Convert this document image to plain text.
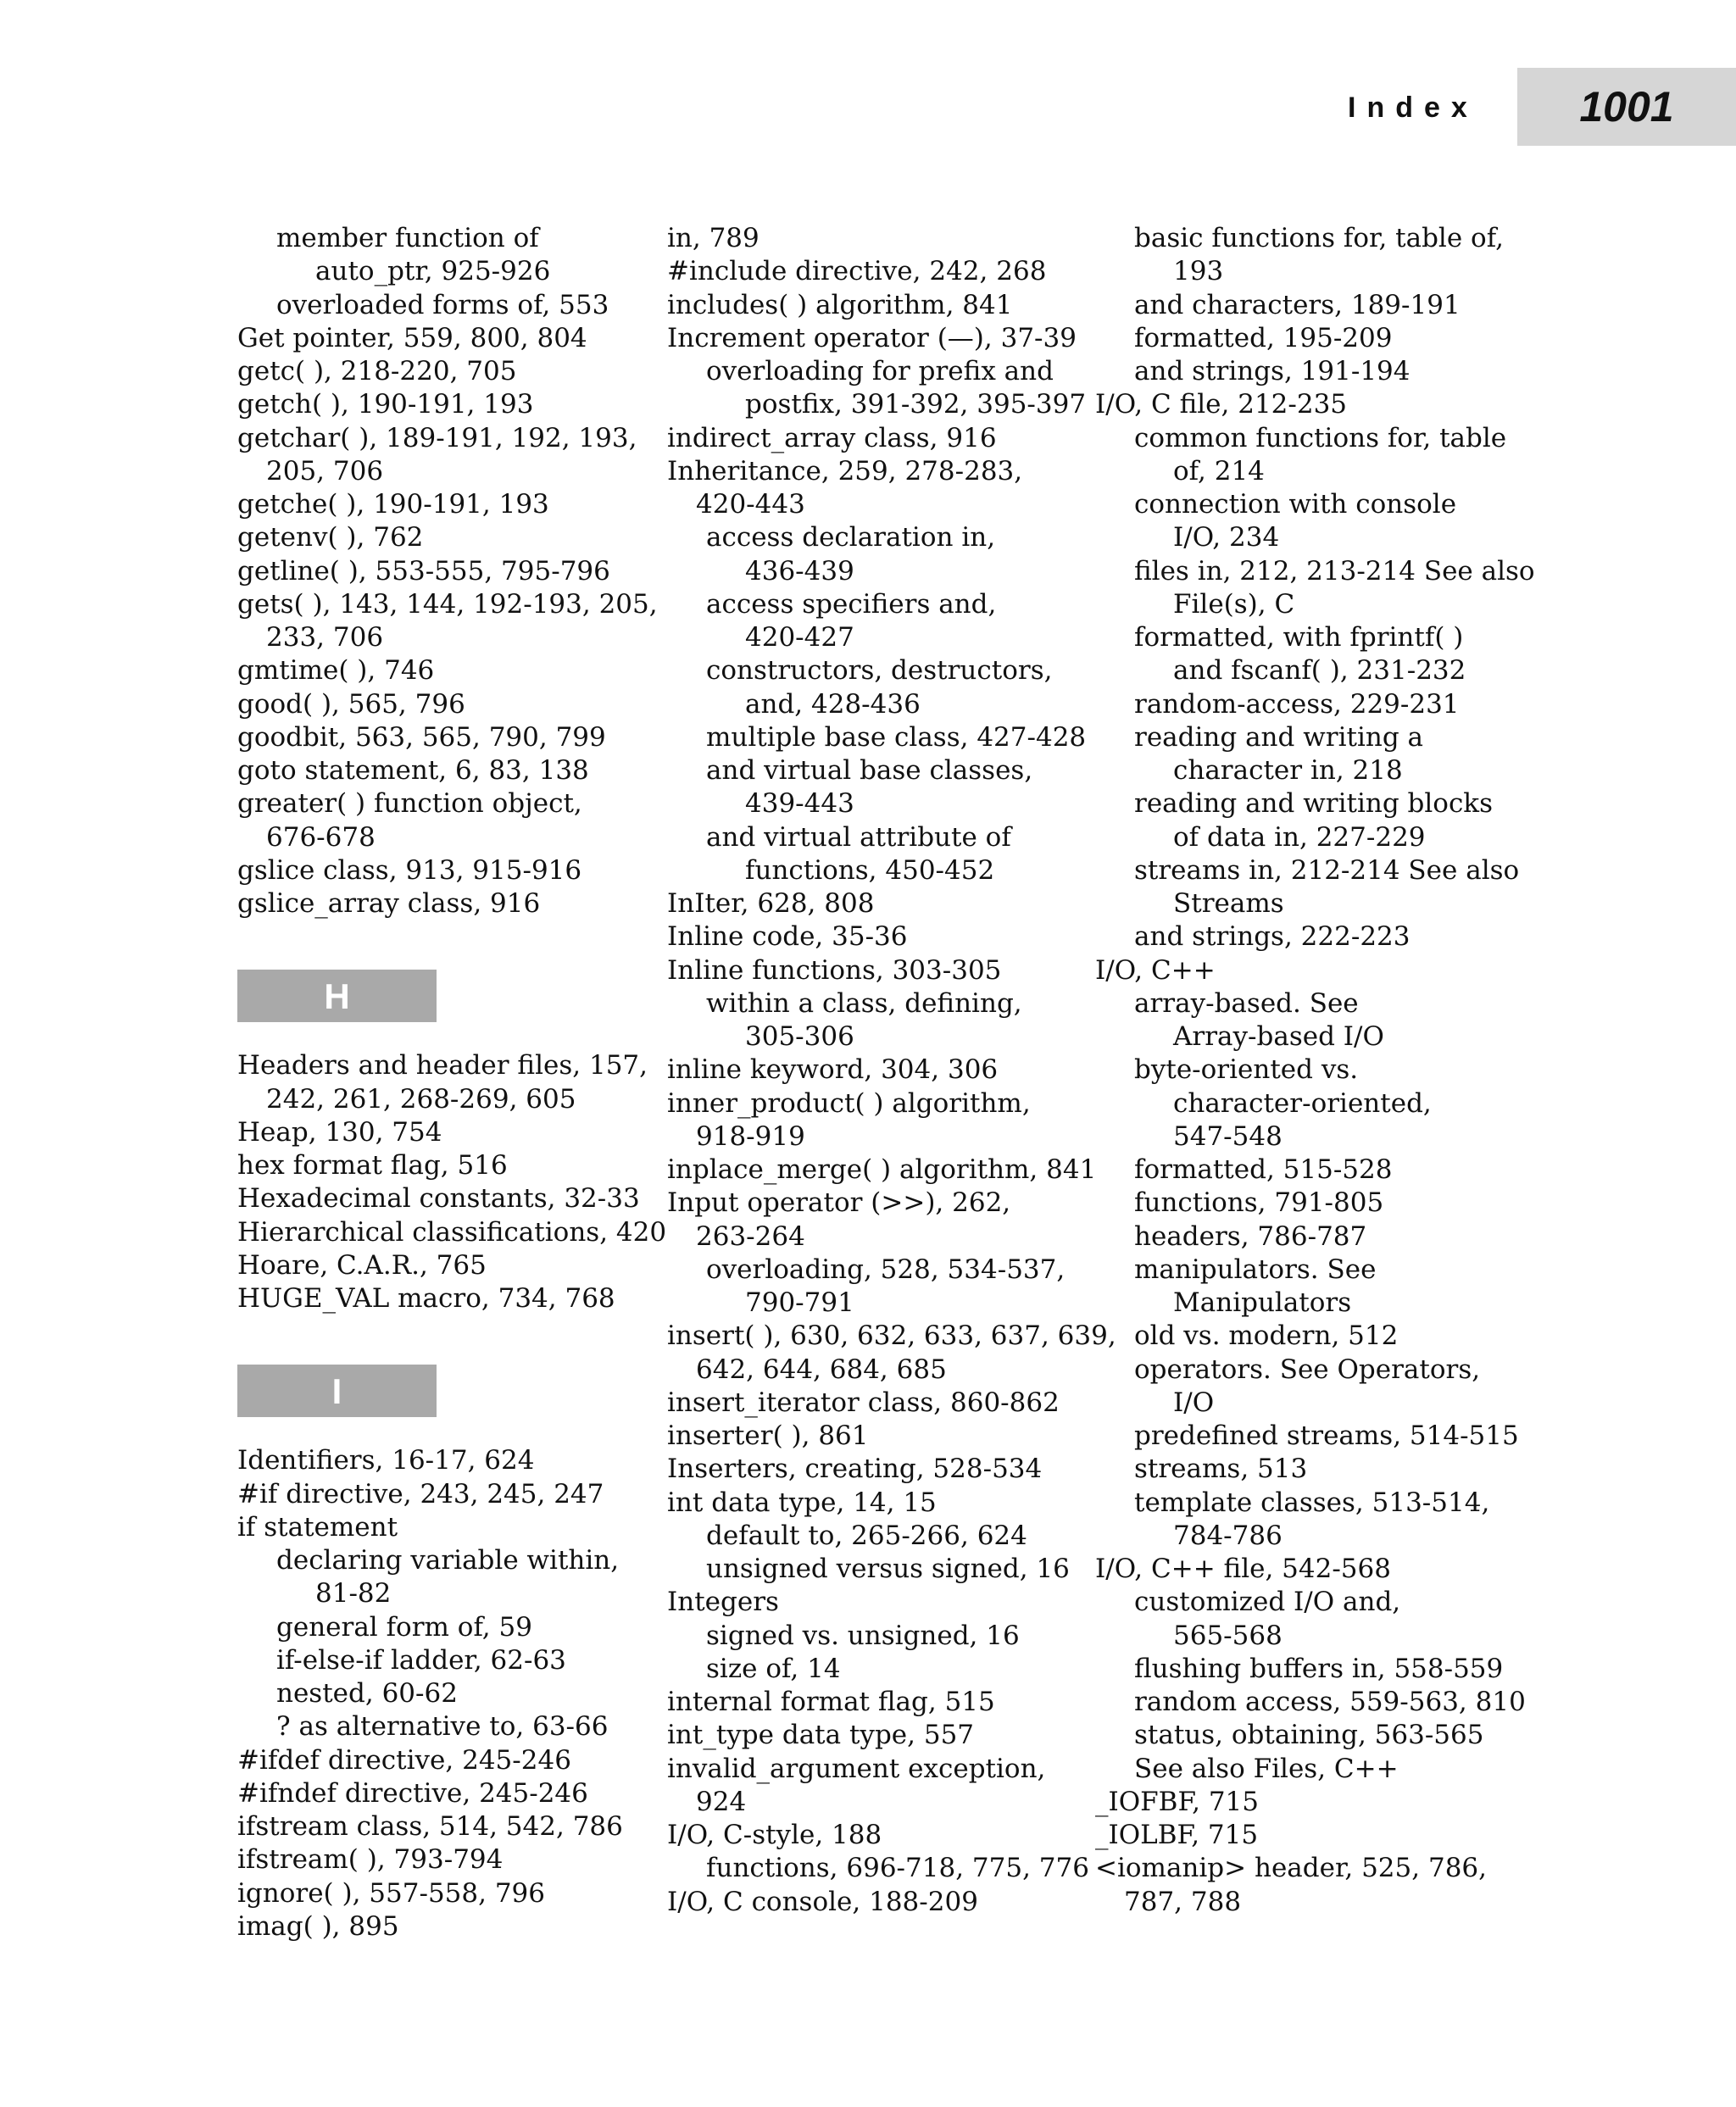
Index 1001
member function of
auto_ptr, 925-926
overloaded forms of, 553
Get pointer, 559, 800, 804
getc( ), 218-220, 705
getch( ), 190-191, 193
getchar( ), 189-191, 192, 193,
205, 706
getche( ), 190-191, 193
getenv( ), 762
getline( ), 553-555, 795-796
gets( ), 143, 144, 192-193, 205,
233, 706
gmtime( ), 746
good( ), 565, 796
goodbit, 563, 565, 790, 799
goto statement, 6, 83, 138
greater( ) function object,
676-678
gslice class, 913, 915-916
gslice_array class, 916
H
Headers and header files, 157,
242, 261, 268-269, 605
Heap, 130, 754
hex format flag, 516
Hexadecimal constants, 32-33
Hierarchical classifications, 420
Hoare, C.A.R., 765
HUGE_VAL macro, 734, 768
I
Identifiers, 16-17, 624
#if directive, 243, 245, 247
if statement
declaring variable within,
81-82
general form of, 59
if-else-if ladder, 62-63
nested, 60-62
? as alternative to, 63-66
#ifdef directive, 245-246
#ifndef directive, 245-246
ifstream class, 514, 542, 786
ifstream( ), 793-794
ignore( ), 557-558, 796
imag( ), 895
in, 789
#include directive, 242, 268
includes( ) algorithm, 841
Increment operator (—), 37-39
overloading for prefix and
postfix, 391-392, 395-397
indirect_array class, 916
Inheritance, 259, 278-283,
420-443
access declaration in,
436-439
access specifiers and,
420-427
constructors, destructors,
and, 428-436
multiple base class, 427-428
and virtual base classes,
439-443
and virtual attribute of
functions, 450-452
InIter, 628, 808
Inline code, 35-36
Inline functions, 303-305
within a class, defining,
305-306
inline keyword, 304, 306
inner_product( ) algorithm,
918-919
inplace_merge( ) algorithm, 841
Input operator (>>), 262,
263-264
overloading, 528, 534-537,
790-791
insert( ), 630, 632, 633, 637, 639,
642, 644, 684, 685
insert_iterator class, 860-862
inserter( ), 861
Inserters, creating, 528-534
int data type, 14, 15
default to, 265-266, 624
unsigned versus signed, 16
Integers
signed vs. unsigned, 16
size of, 14
internal format flag, 515
int_type data type, 557
invalid_argument exception,
924
I/O, C-style, 188
functions, 696-718, 775, 776
I/O, C console, 188-209
basic functions for, table of,
193
and characters, 189-191
formatted, 195-209
and strings, 191-194
I/O, C file, 212-235
common functions for, table
of, 214
connection with console
I/O, 234
files in, 212, 213-214 See also
File(s), C
formatted, with fprintf( )
and fscanf( ), 231-232
random-access, 229-231
reading and writing a
character in, 218
reading and writing blocks
of data in, 227-229
streams in, 212-214 See also
Streams
and strings, 222-223
I/O, C++
array-based. See
Array-based I/O
byte-oriented vs.
character-oriented,
547-548
formatted, 515-528
functions, 791-805
headers, 786-787
manipulators. See
Manipulators
old vs. modern, 512
operators. See Operators,
I/O
predefined streams, 514-515
streams, 513
template classes, 513-514,
784-786
I/O, C++ file, 542-568
customized I/O and,
565-568
flushing buffers in, 558-559
random access, 559-563, 810
status, obtaining, 563-565
See also Files, C++
_IOFBF, 715
_IOLBF, 715
<iomanip> header, 525, 786,
787, 788
